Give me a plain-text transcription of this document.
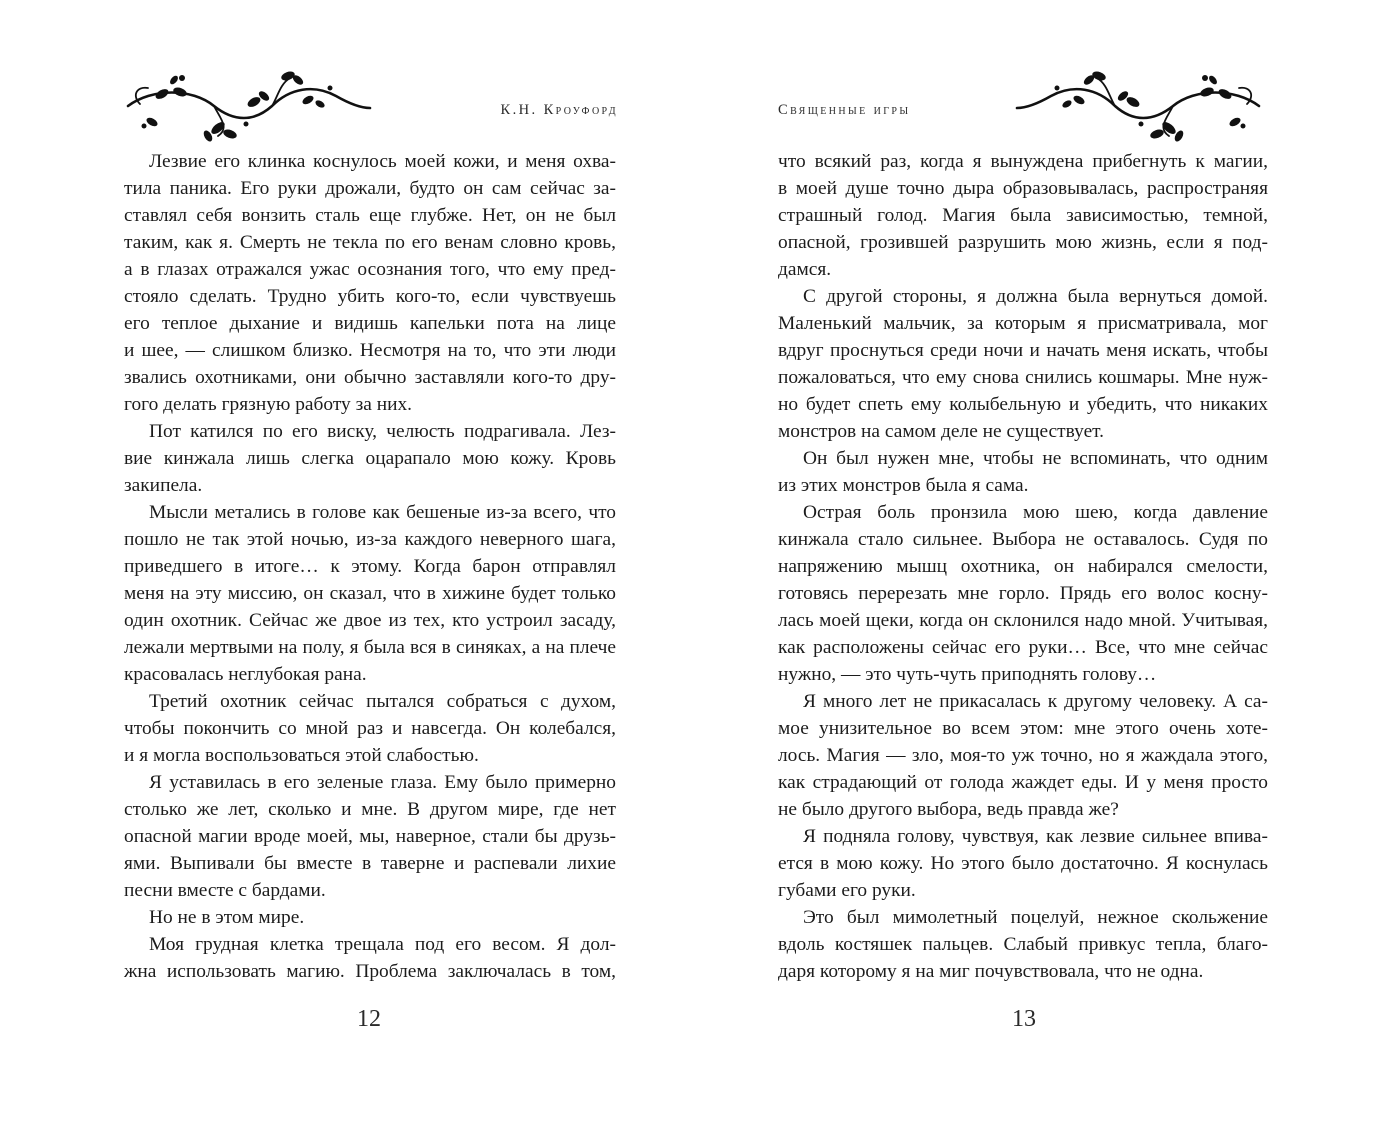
К.Н. Кроуфорд
Лезвие его клинка коснулось моей кожи, и меня охва-
тила паника. Его руки дрожали, будто он сам сейчас за-
ставлял себя вонзить сталь еще глубже. Нет, он не был
таким, как я. Смерть не текла по его венам словно кровь,
а в глазах отражался ужас осознания того, что ему пред-
стояло сделать. Трудно убить кого-то, если чувствуешь
его теплое дыхание и видишь капельки пота на лице
и шее, — слишком близко. Несмотря на то, что эти люди
звались охотниками, они обычно заставляли кого-то дру-
гого делать грязную работу за них.
Пот катился по его виску, челюсть подрагивала. Лез-
вие кинжала лишь слегка оцарапало мою кожу. Кровь
закипела.
Мысли метались в голове как бешеные из-за всего, что
пошло не так этой ночью, из-за каждого неверного шага,
приведшего в итоге… к этому. Когда барон отправлял
меня на эту миссию, он сказал, что в хижине будет только
один охотник. Сейчас же двое из тех, кто устроил засаду,
лежали мертвыми на полу, я была вся в синяках, а на плече
красовалась неглубокая рана.
Третий охотник сейчас пытался собраться с духом,
чтобы покончить со мной раз и навсегда. Он колебался,
и я могла воспользоваться этой слабостью.
Я уставилась в его зеленые глаза. Ему было примерно
столько же лет, сколько и мне. В другом мире, где нет
опасной магии вроде моей, мы, наверное, стали бы друзь-
ями. Выпивали бы вместе в таверне и распевали лихие
песни вместе с бардами.
Но не в этом мире.
Моя грудная клетка трещала под его весом. Я дол-
жна использовать магию. Проблема заключалась в том,
12
Священные игры
что всякий раз, когда я вынуждена прибегнуть к магии,
в моей душе точно дыра образовывалась, распространяя
страшный голод. Магия была зависимостью, темной,
опасной, грозившей разрушить мою жизнь, если я под-
дамся.
С другой стороны, я должна была вернуться домой.
Маленький мальчик, за которым я присматривала, мог
вдруг проснуться среди ночи и начать меня искать, чтобы
пожаловаться, что ему снова снились кошмары. Мне нуж-
но будет спеть ему колыбельную и убедить, что никаких
монстров на самом деле не существует.
Он был нужен мне, чтобы не вспоминать, что одним
из этих монстров была я сама.
Острая боль пронзила мою шею, когда давление
кинжала стало сильнее. Выбора не оставалось. Судя по
напряжению мышц охотника, он набирался смелости,
готовясь перерезать мне горло. Прядь его волос косну-
лась моей щеки, когда он склонился надо мной. Учитывая,
как расположены сейчас его руки… Все, что мне сейчас
нужно, — это чуть-чуть приподнять голову…
Я много лет не прикасалась к другому человеку. А са-
мое унизительное во всем этом: мне этого очень хоте-
лось. Магия — зло, моя-то уж точно, но я жаждала этого,
как страдающий от голода жаждет еды. И у меня просто
не было другого выбора, ведь правда же?
Я подняла голову, чувствуя, как лезвие сильнее впива-
ется в мою кожу. Но этого было достаточно. Я коснулась
губами его руки.
Это был мимолетный поцелуй, нежное скольжение
вдоль костяшек пальцев. Слабый привкус тепла, благо-
даря которому я на миг почувствовала, что не одна.
13
